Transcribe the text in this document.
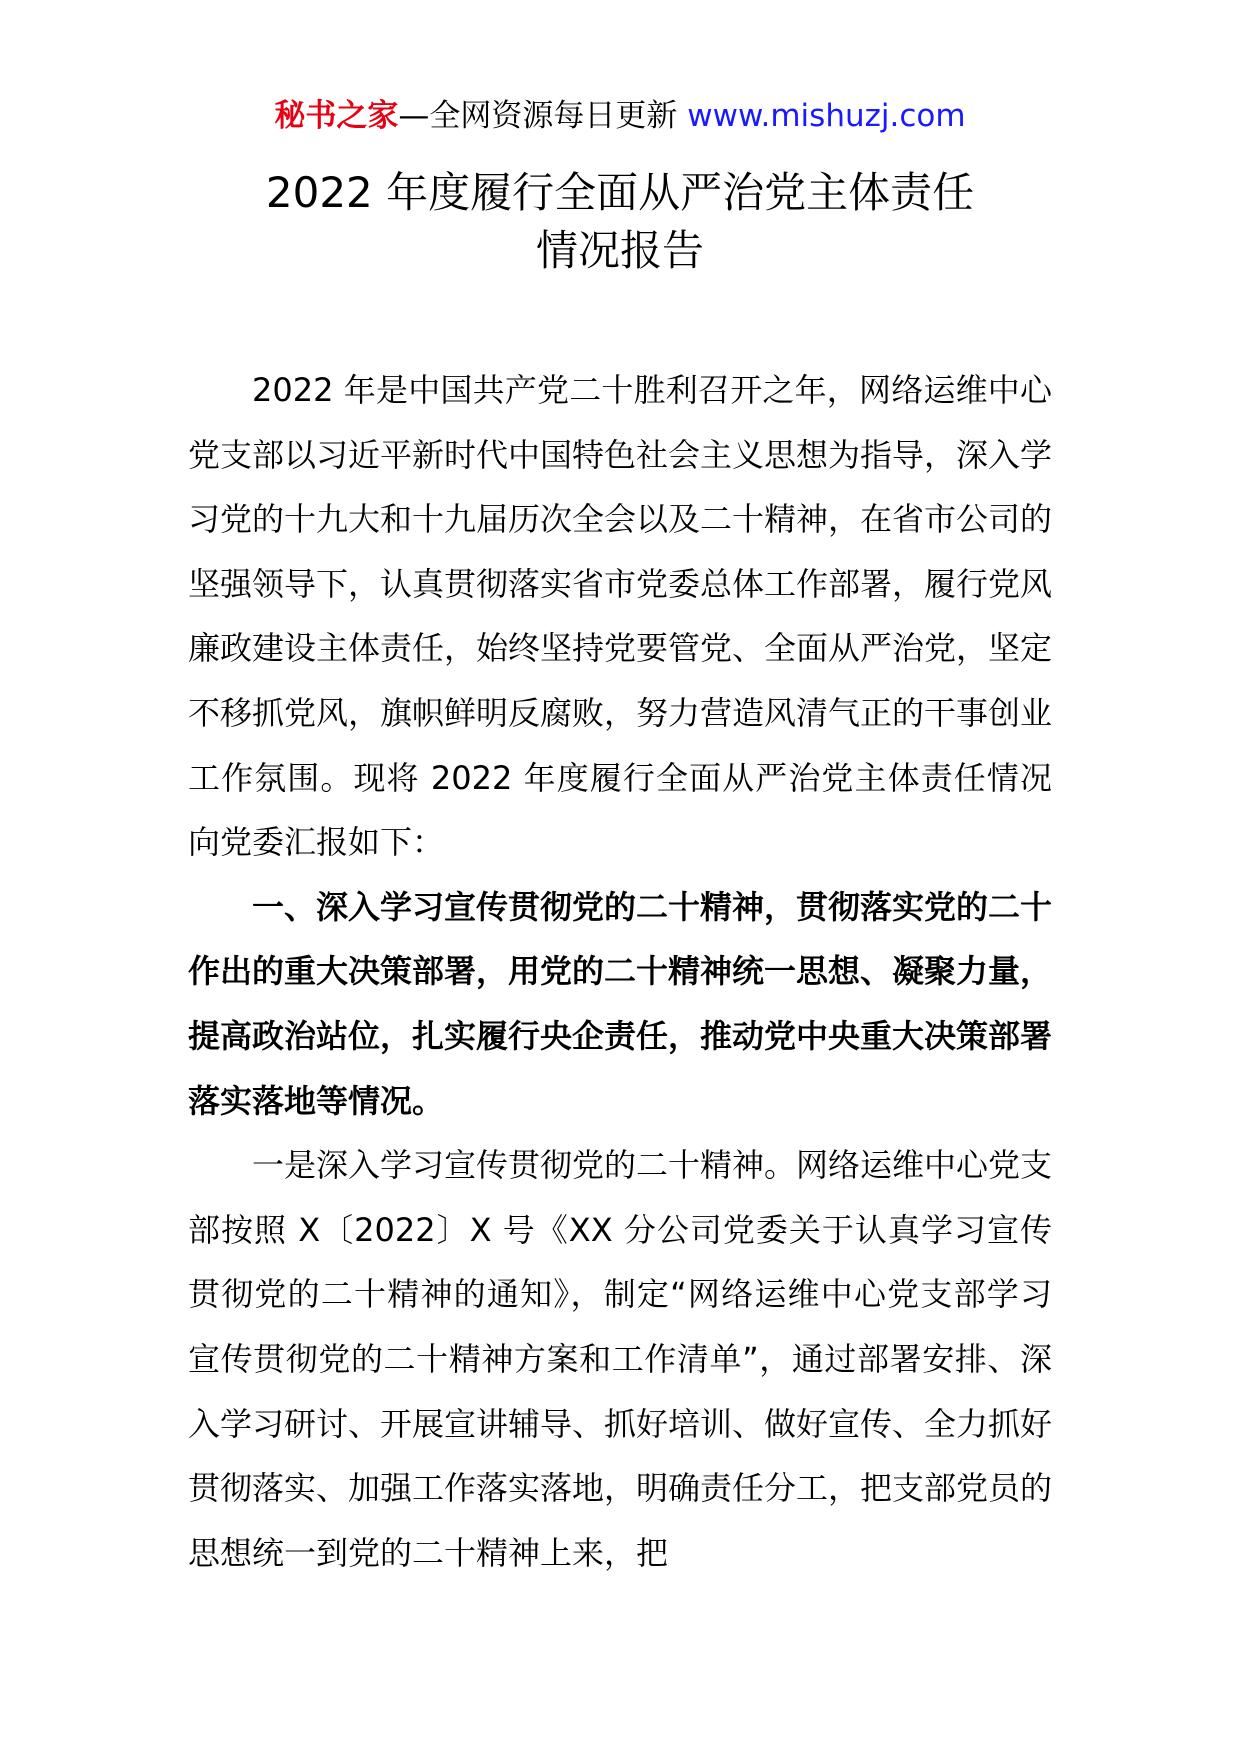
秘书之家—全网资源每日更新 www.mishuzj.com
2022 年度履行全面从严治党主体责任
情况报告

2022 年是中国共产党二十胜利召开之年，网络运维中心党支部以习近平新时代中国特色社会主义思想为指导，深入学习党的十九大和十九届历次全会以及二十精神，在省市公司的坚强领导下，认真贯彻落实省市党委总体工作部署，履行党风廉政建设主体责任，始终坚持党要管党、全面从严治党，坚定不移抓党风，旗帜鲜明反腐败，努力营造风清气正的干事创业工作氛围。现将 2022 年度履行全面从严治党主体责任情况向党委汇报如下：

一、深入学习宣传贯彻党的二十精神，贯彻落实党的二十作出的重大决策部署，用党的二十精神统一思想、凝聚力量，提高政治站位，扎实履行央企责任，推动党中央重大决策部署落实落地等情况。

一是深入学习宣传贯彻党的二十精神。网络运维中心党支部按照 X〔2022〕X 号《XX 分公司党委关于认真学习宣传贯彻党的二十精神的通知》，制定“网络运维中心党支部学习宣传贯彻党的二十精神方案和工作清单”，通过部署安排、深入学习研讨、开展宣讲辅导、抓好培训、做好宣传、全力抓好贯彻落实、加强工作落实落地，明确责任分工，把支部党员的思想统一到党的二十精神上来，把
